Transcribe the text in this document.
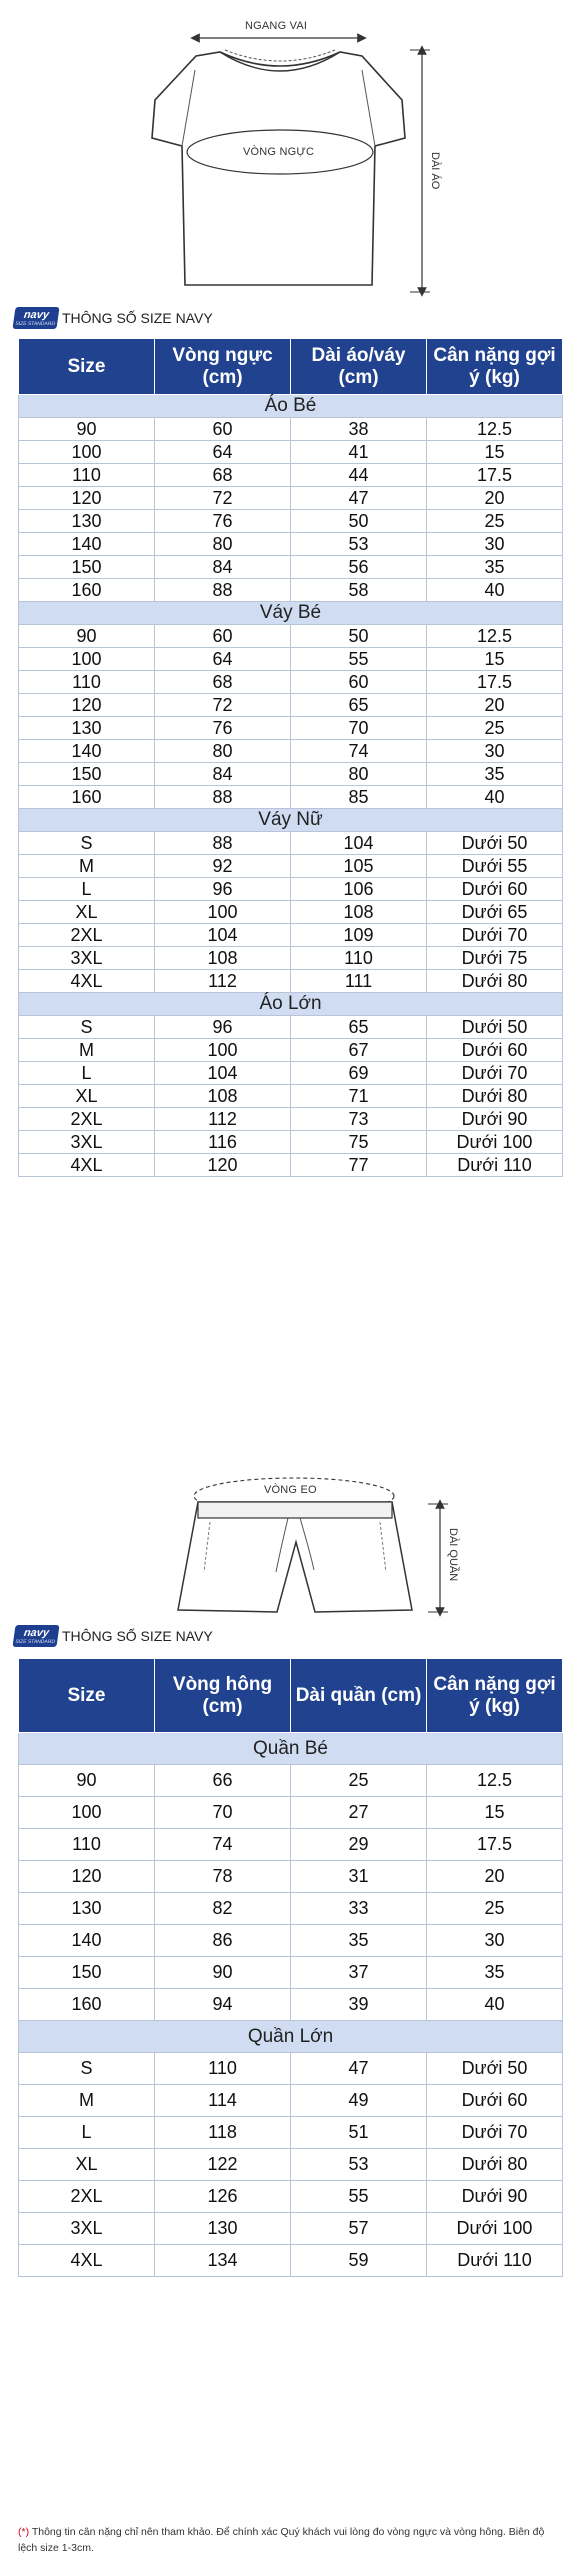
NGANG VAI
VÒNG NGỰC	DÀI ÁO
navy
SIZE STANDARD THÔNG SỐ SIZE NAVY
Size	Vòng ngực (cm)	Dài áo/váy (cm)	Cân nặng gợi ý (kg)
Áo Bé			
90	60	38	12.5
100	64	41	15
110	68	44	17.5
120	72	47	20
130	76	50	25
140	80	53	30
150	84	56	35
160	88	58	40
Váy Bé			
90	60	50	12.5
100	64	55	15
110	68	60	17.5
120	72	65	20
130	76	70	25
140	80	74	30
150	84	80	35
160	88	85	40
Váy Nữ			
S	88	104	Dưới 50
M	92	105	Dưới 55
L	96	106	Dưới 60
XL	100	108	Dưới 65
2XL	104	109	Dưới 70
3XL	108	110	Dưới 75
4XL	112	111	Dưới 80
Áo Lớn			
S	96	65	Dưới 50
M	100	67	Dưới 60
L	104	69	Dưới 70
XL	108	71	Dưới 80
2XL	112	73	Dưới 90
3XL	116	75	Dưới 100
4XL	120	77	Dưới 110
VÒNG EO
DÀI QUẦN
navy
SIZE STANDARD THÔNG SỐ SIZE NAVY
Size	Vòng hông (cm)	Dài quần (cm)	Cân nặng gợi ý (kg)
Quần Bé			
90	66	25	12.5
100	70	27	15
110	74	29	17.5
120	78	31	20
130	82	33	25
140	86	35	30
150	90	37	35
160	94	39	40
Quần Lớn			
S	110	47	Dưới 50
M	114	49	Dưới 60
L	118	51	Dưới 70
XL	122	53	Dưới 80
2XL	126	55	Dưới 90
3XL	130	57	Dưới 100
4XL	134	59	Dưới 110
(*) Thông tin cân nặng chỉ nên tham khảo. Để chính xác Quý khách vui lòng đo vòng ngực và vòng hông. Biên độ lệch size 1-3cm.
